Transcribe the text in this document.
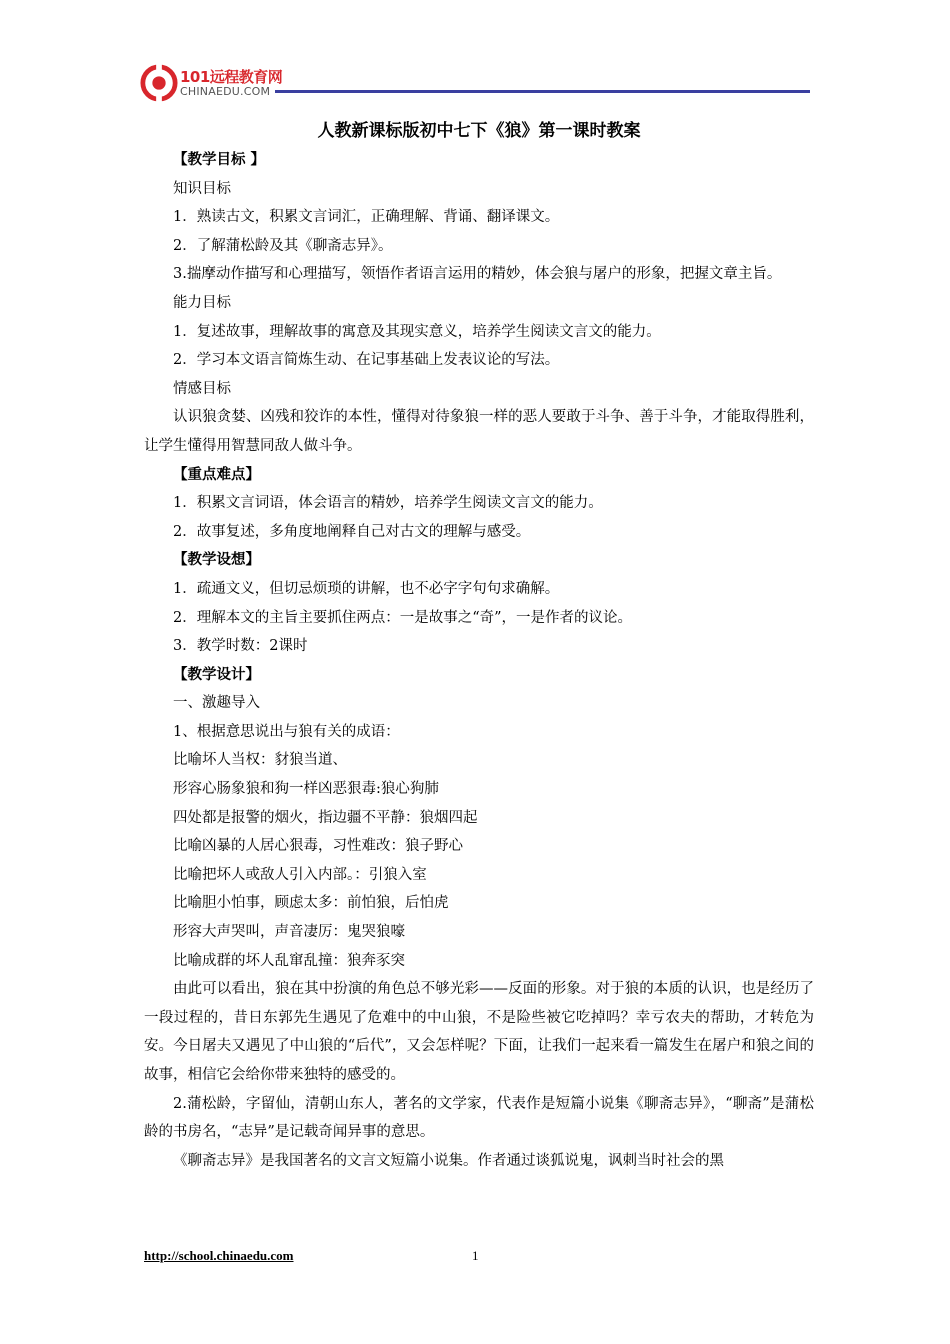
101远程教育网
CHINAEDU.COM
人教新课标版初中七下《狼》第一课时教案

【教学目标 】

知识目标

1．熟读古文，积累文言词汇，正确理解、背诵、翻译课文。

2．了解蒲松龄及其《聊斋志异》。

3.揣摩动作描写和心理描写，领悟作者语言运用的精妙，体会狼与屠户的形象，把握文章主旨。

能力目标

1．复述故事，理解故事的寓意及其现实意义，培养学生阅读文言文的能力。

2．学习本文语言简炼生动、在记事基础上发表议论的写法。

情感目标

认识狼贪婪、凶残和狡诈的本性，懂得对待象狼一样的恶人要敢于斗争、善于斗争，才能取得胜利，让学生懂得用智慧同敌人做斗争。

【重点难点】

1．积累文言词语，体会语言的精妙，培养学生阅读文言文的能力。

2．故事复述，多角度地阐释自己对古文的理解与感受。

【教学设想】

1．疏通文义，但切忌烦琐的讲解，也不必字字句句求确解。

2．理解本文的主旨主要抓住两点：一是故事之“奇”，一是作者的议论。

3．教学时数：2课时

【教学设计】

一、激趣导入

1、根据意思说出与狼有关的成语：

比喻坏人当权：豺狼当道、

形容心肠象狼和狗一样凶恶狠毒:狼心狗肺

四处都是报警的烟火，指边疆不平静：狼烟四起

比喻凶暴的人居心狠毒，习性难改：狼子野心

比喻把坏人或敌人引入内部。：引狼入室

比喻胆小怕事，顾虑太多：前怕狼，后怕虎

形容大声哭叫，声音凄厉：鬼哭狼嚎

比喻成群的坏人乱窜乱撞：狼奔豕突

由此可以看出，狼在其中扮演的角色总不够光彩——反面的形象。对于狼的本质的认识，也是经历了一段过程的，昔日东郭先生遇见了危难中的中山狼，不是险些被它吃掉吗？幸亏农夫的帮助，才转危为安。今日屠夫又遇见了中山狼的“后代”，又会怎样呢？下面，让我们一起来看一篇发生在屠户和狼之间的故事，相信它会给你带来独特的感受的。

2.蒲松龄，字留仙，清朝山东人，著名的文学家，代表作是短篇小说集《聊斋志异》，“聊斋”是蒲松龄的书房名，“志异”是记载奇闻异事的意思。

《聊斋志异》是我国著名的文言文短篇小说集。作者通过谈狐说鬼，讽刺当时社会的黑

http://school.chinaedu.com	1
